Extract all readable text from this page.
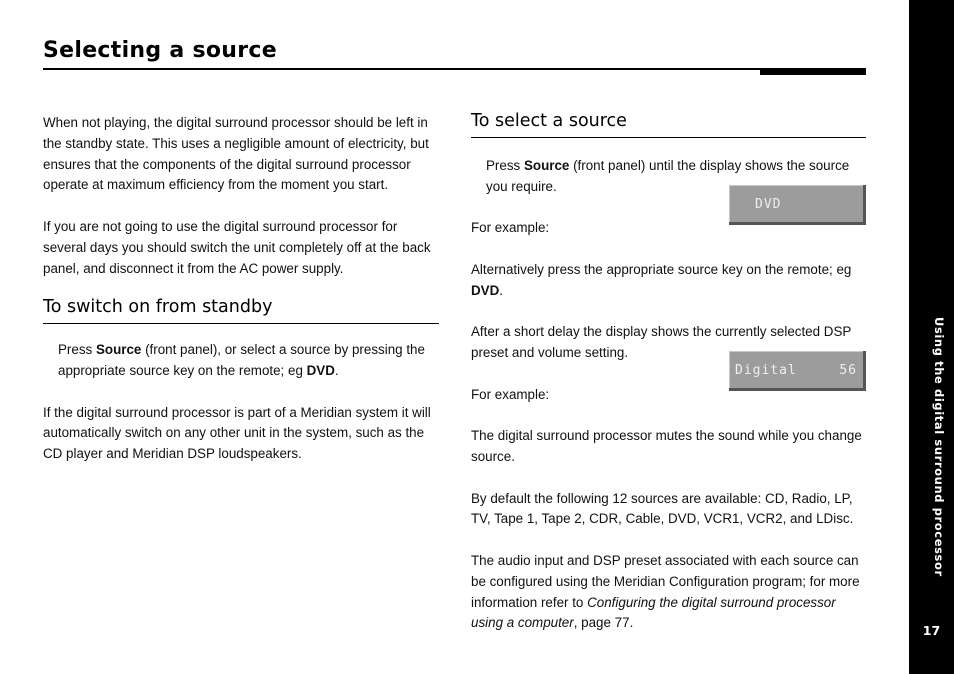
Selecting a source

When not playing, the digital surround processor should be left in the standby state. This uses a negligible amount of electricity, but ensures that the components of the digital surround processor operate at maximum efficiency from the moment you start.

If you are not going to use the digital surround processor for several days you should switch the unit completely off at the back panel, and disconnect it from the AC power supply.

To switch on from standby

Press Source (front panel), or select a source by pressing the appropriate source key on the remote; eg DVD.

If the digital surround processor is part of a Meridian system it will automatically switch on any other unit in the system, such as the CD player and Meridian DSP loudspeakers.

To select a source

Press Source (front panel) until the display shows the source you require.

DVD

For example:

Alternatively press the appropriate source key on the remote; eg DVD.

After a short delay the display shows the currently selected DSP preset and volume setting.

Digital	56

For example:

The digital surround processor mutes the sound while you change source.

By default the following 12 sources are available: CD, Radio, LP, TV, Tape 1, Tape 2, CDR, Cable, DVD, VCR1, VCR2, and LDisc.

The audio input and DSP preset associated with each source can be configured using the Meridian Configuration program; for more information refer to Configuring the digital surround processor using a computer, page 77.

Using the digital surround processor
17
